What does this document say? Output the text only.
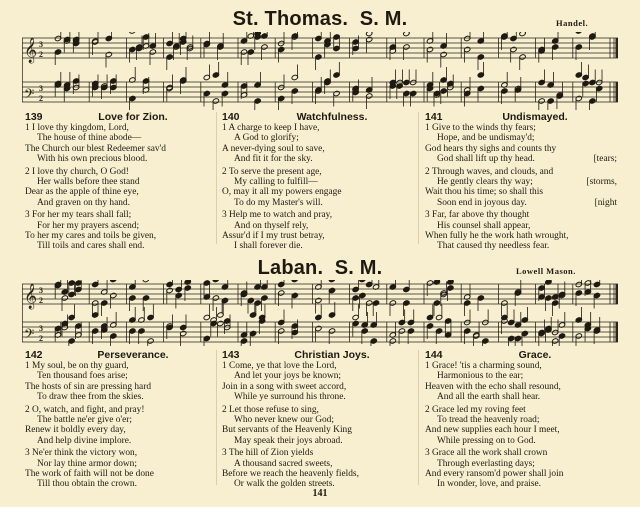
St. Thomas. S. M.	Handel.
𝄞 3
2
𝄢 3
2
139	Love for Zion.
1 I love thy kingdom, Lord,
The house of thine abode—
The Church our blest Redeemer sav'd
With his own precious blood.
2 I love thy church, O God!
Her walls before thee stand
Dear as the apple of thine eye,
And graven on thy hand.
3 For her my tears shall fall;
For her my prayers ascend;
To her my cares and toils be given,
Till toils and cares shall end.
140	Watchfulness.
1 A charge to keep I have,
A God to glorify;
A never-dying soul to save,
And fit it for the sky.
2 To serve the present age,
My calling to fulfill—
O, may it all my powers engage
To do my Master's will.
3 Help me to watch and pray,
And on thyself rely,
Assur'd if I my trust betray,
I shall forever die.
141	Undismayed.
1 Give to the winds thy fears;
Hope, and be undismay'd;
God hears thy sighs and counts thy
God shall lift up thy head.	[tears;
2 Through waves, and clouds, and
He gently clears thy way;	[storms,
Wait thou his time; so shall this
Soon end in joyous day.	[night
3 Far, far above thy thought
His counsel shall appear,
When fully he the work hath wrought,
That caused thy needless fear.
Laban. S. M.	Lowell Mason.
𝄞 3
2
𝄢 3
2
142	Perseverance.
1 My soul, be on thy guard,
Ten thousand foes arise;
The hosts of sin are pressing hard
To draw thee from the skies.
2 O, watch, and fight, and pray!
The battle ne'er give o'er;
Renew it boldly every day,
And help divine implore.
3 Ne'er think the victory won,
Nor lay thine armor down;
The work of faith will not be done
Till thou obtain the crown.
143	Christian Joys.
1 Come, ye that love the Lord,
And let your joys be known;
Join in a song with sweet accord,
While ye surround his throne.
2 Let those refuse to sing,
Who never knew our God;
But servants of the Heavenly King
May speak their joys abroad.
3 The hill of Zion yields
A thousand sacred sweets,
Before we reach the heavenly fields,
Or walk the golden streets.
144	Grace.
1 Grace! 'tis a charming sound,
Harmonious to the ear;
Heaven with the echo shall resound,
And all the earth shall hear.
2 Grace led my roving feet
To tread the heavenly road;
And new supplies each hour I meet,
While pressing on to God.
3 Grace all the work shall crown
Through everlasting days;
And every ransom'd power shall join
In wonder, love, and praise.
141
